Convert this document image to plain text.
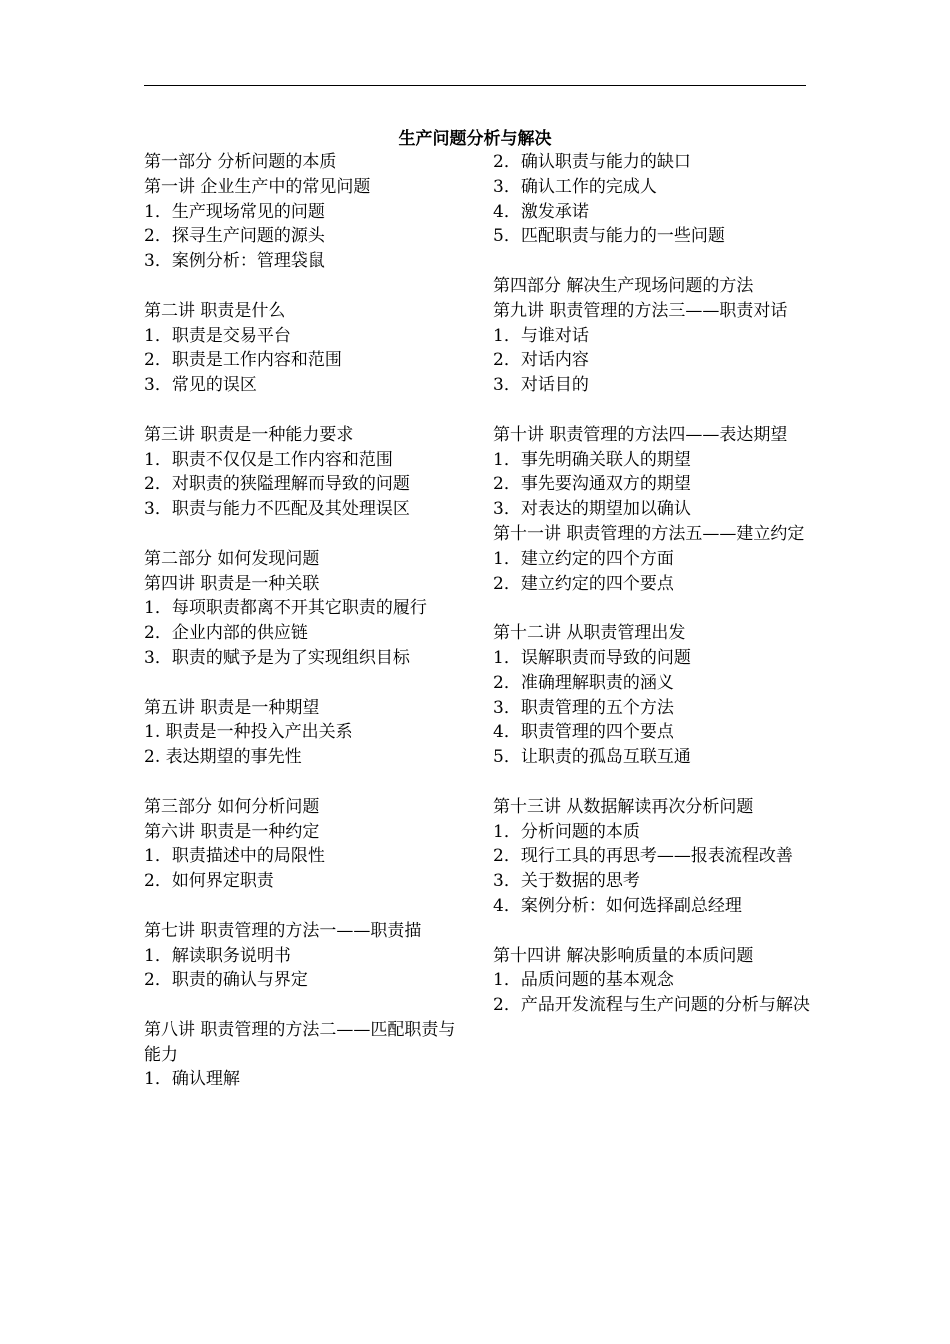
生产问题分析与解决

第一部分 分析问题的本质

第一讲 企业生产中的常见问题

1．生产现场常见的问题

2．探寻生产问题的源头

3．案例分析：管理袋鼠

第二讲 职责是什么

1．职责是交易平台

2．职责是工作内容和范围

3．常见的误区

第三讲 职责是一种能力要求

1．职责不仅仅是工作内容和范围

2．对职责的狭隘理解而导致的问题

3．职责与能力不匹配及其处理误区

第二部分 如何发现问题

第四讲 职责是一种关联

1．每项职责都离不开其它职责的履行

2．企业内部的供应链

3．职责的赋予是为了实现组织目标

第五讲 职责是一种期望

1. 职责是一种投入产出关系

2. 表达期望的事先性

第三部分 如何分析问题

第六讲 职责是一种约定

1．职责描述中的局限性

2．如何界定职责

第七讲 职责管理的方法一——职责描

1．解读职务说明书

2．职责的确认与界定

第八讲 职责管理的方法二——匹配职责与能力

1．确认理解

2．确认职责与能力的缺口

3．确认工作的完成人

4．激发承诺

5．匹配职责与能力的一些问题

第四部分 解决生产现场问题的方法

第九讲 职责管理的方法三——职责对话

1．与谁对话

2．对话内容

3．对话目的

第十讲 职责管理的方法四——表达期望

1．事先明确关联人的期望

2．事先要沟通双方的期望

3．对表达的期望加以确认

第十一讲 职责管理的方法五——建立约定

1．建立约定的四个方面

2．建立约定的四个要点

第十二讲 从职责管理出发

1．误解职责而导致的问题

2．准确理解职责的涵义

3．职责管理的五个方法

4．职责管理的四个要点

5．让职责的孤岛互联互通

第十三讲 从数据解读再次分析问题

1．分析问题的本质

2．现行工具的再思考——报表流程改善

3．关于数据的思考

4．案例分析：如何选择副总经理

第十四讲 解决影响质量的本质问题

1．品质问题的基本观念

2．产品开发流程与生产问题的分析与解决
